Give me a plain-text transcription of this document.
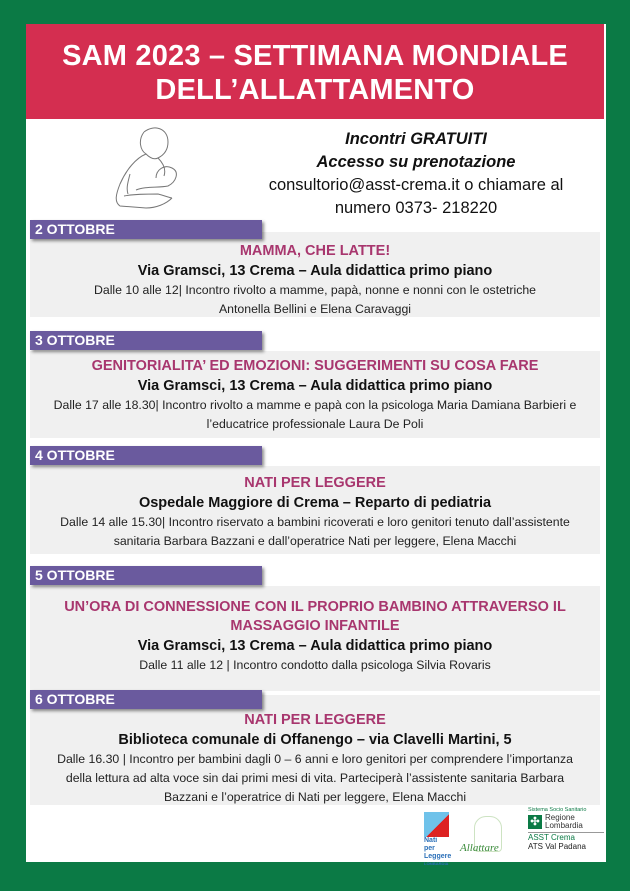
SAM 2023 – SETTIMANA MONDIALE
DELL’ALLATTAMENTO
Incontri GRATUITI
Accesso su prenotazione
consultorio@asst-crema.it o chiamare al
numero 0373- 218220
2 OTTOBRE
MAMMA, CHE LATTE!
Via Gramsci, 13 Crema – Aula didattica primo piano
Dalle 10 alle 12| Incontro rivolto a mamme, papà, nonne e nonni con le ostetriche
Antonella Bellini e Elena Caravaggi
3 OTTOBRE
GENITORIALITA’ ED EMOZIONI: SUGGERIMENTI SU COSA FARE
Via Gramsci, 13 Crema – Aula didattica primo piano
Dalle 17 alle 18.30| Incontro rivolto a mamme e papà con la psicologa Maria Damiana Barbieri e
l’educatrice professionale Laura De Poli
4 OTTOBRE
NATI PER LEGGERE
Ospedale Maggiore di Crema – Reparto di pediatria
Dalle 14 alle 15.30| Incontro riservato a bambini ricoverati e loro genitori tenuto dall’assistente
sanitaria Barbara Bazzani e dall’operatrice Nati per leggere, Elena Macchi
5 OTTOBRE
UN’ORA DI CONNESSIONE CON IL PROPRIO BAMBINO ATTRAVERSO IL
MASSAGGIO INFANTILE
Via Gramsci, 13 Crema – Aula didattica primo piano
Dalle 11 alle 12 | Incontro condotto dalla psicologa Silvia Rovaris
6 OTTOBRE
NATI PER LEGGERE
Biblioteca comunale di Offanengo – via Clavelli Martini, 5
Dalle 16.30 | Incontro per bambini dagli 0 – 6 anni e loro genitori per comprendere l’importanza
della lettura ad alta voce sin dai primi mesi di vita. Parteciperà l’assistente sanitaria Barbara
Bazzani e l’operatrice di Nati per leggere, Elena Macchi
Nati per
Leggere
LOMBARDIA
Allattare
Sistema Socio Sanitario
✣ Regione
Lombardia
ASST Crema
ATS Val Padana
